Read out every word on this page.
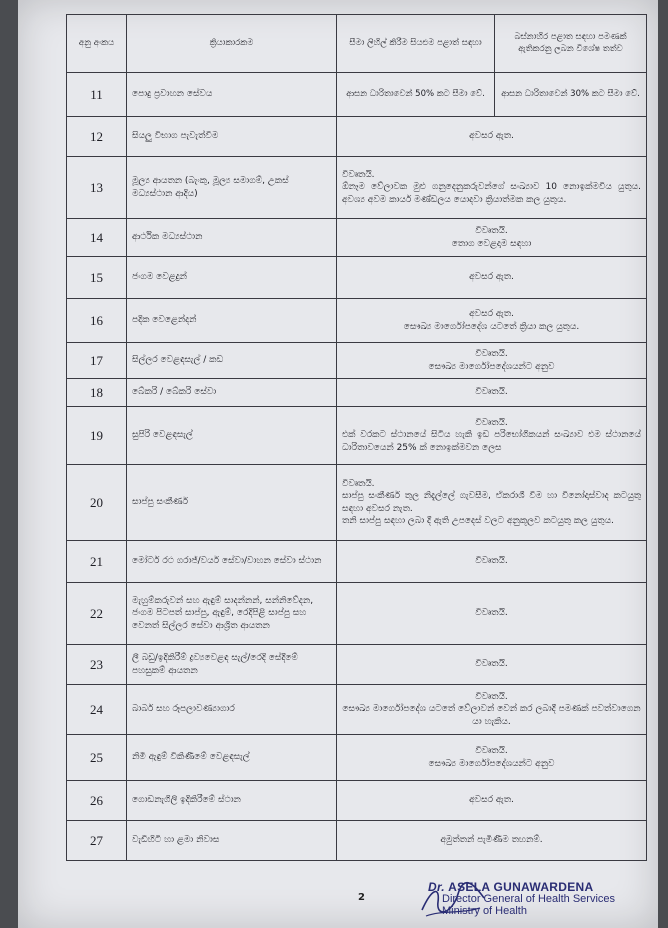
අනු අංකය	ක්‍රියාකාරකම	සීමා ලිහිල් කිරීම සියළුම පළාත් සඳහා	බස්නාහිර පළාත සඳහා පමණක් ඇතිකරනු ලබන විශේෂ තත්ව
11	පොදු ප්‍රවාහන සේවය	ආසන ධාරිතාවෙන් 50% කට සීමා වේ.	ආසන ධාරිතාවෙන් 30% කට සීමා වේ.
12	සියලු විභාග පැවැත්වීම	අවසර ඇත.	
13	මූල්‍ය ආයතන (බැංකු, මූල්‍ය සමාගම්, උකස් මධ්‍යස්ථාන ආදිය)	විවෘතයි.
ඕනෑම වේලාවක මුළු ගනුදෙනුකරුවන්ගේ සංඛ්‍යාව 10 නොඉක්මවිය යුතුය. අවශ්‍ය අවම කාර්ය මණ්ඩලය යොදවා ක්‍රියාත්මක කල යුතුය.	

14	ආර්ථික මධ්‍යස්ථාන	විවෘතයි.
තොග වෙළදාම සඳහා	

15	ජංගම වෙළදුන්	අවසර ඇත.	
16	පදික වෙළෙන්දන්	අවසර ඇත.
සෞඛ්‍ය මාර්ගෝපදේශ යටතේ ක්‍රියා කල යුතුය.	

17	සිල්ලර වෙළඳසැල් / කඩ	විවෘතයි.
සෞඛ්‍ය මාර්ගෝපදේශයන්ට අනුව	

18	බේකරි / බේකරි සේවා	විවෘතයි.	
19	සුපිරි වෙළඳසැල්	විවෘතයි.
එක් වරකට ස්ථානයේ සිටිය හැකි ඉඩ පරිභෝගිකයන් සංඛ්‍යාව එම ස්ථානයේ ධාරිතාවයෙන් 25% ක් නොඉක්මවන ලෙස	

20	සාප්පු සංකීර්ණ	විවෘතයි.
සාප්පු සංකීර්ණ තුල නිදැල්ලේ ගැවසීම, ඒකරාශී වීම හා විනෝදාස්වාද කටයුතු සඳහා අවසර නැත.
තනි සාප්පු සඳහා ලබා දී ඇති උපදෙස් වලට අනුකූලව කටයුතු කල යුතුය.	

21	මෝටර් රථ ගරාජ්/වයර් සේවා/වාහන සේවා ස්ථාන	විවෘතයි.	
22	මැහුම්කරුවන් සහ ඇඳුම් සාදන්නන්, සන්නිවේදන, ජංගම පිටපත් සාප්පු, ඇඳුම්, රෙදිපිළි සාප්පු සහ වෙනත් සිල්ලර සේවා ආශ්‍රිත ආයතන	විවෘතයි.	
23	ලී බඩු/ඉදිකිරීම් ද්‍රව්‍යවෙළඳ සැල්/රෙදි සේදීමේ පහසුකම් ආයතන	විවෘතයි.	
24	බාබර් සහ රූපලාවණ්‍යාගාර	විවෘතයි.
සෞඛ්‍ය මාර්ගෝපදේශ යටතේ වේලාවන් වෙන් කර ලබාදී පමණක් පවත්වාගෙන යා හැකිය.	

25	නිමි ඇඳුම් විකිණීමේ වෙළඳසැල්	විවෘතයි.
සෞඛ්‍ය මාර්ගෝපදේශයන්ට අනුව	

26	ගොඩනැගිලි ඉදිකිරීමේ ස්ථාන	අවසර ඇත.	
27	වැඩිහිටි හා ළමා නිවාස	අමුත්තන් පැමිණීම තහනම්.	
2
Dr. ASELA GUNAWARDENA
Director General of Health Services
Ministry of Health
